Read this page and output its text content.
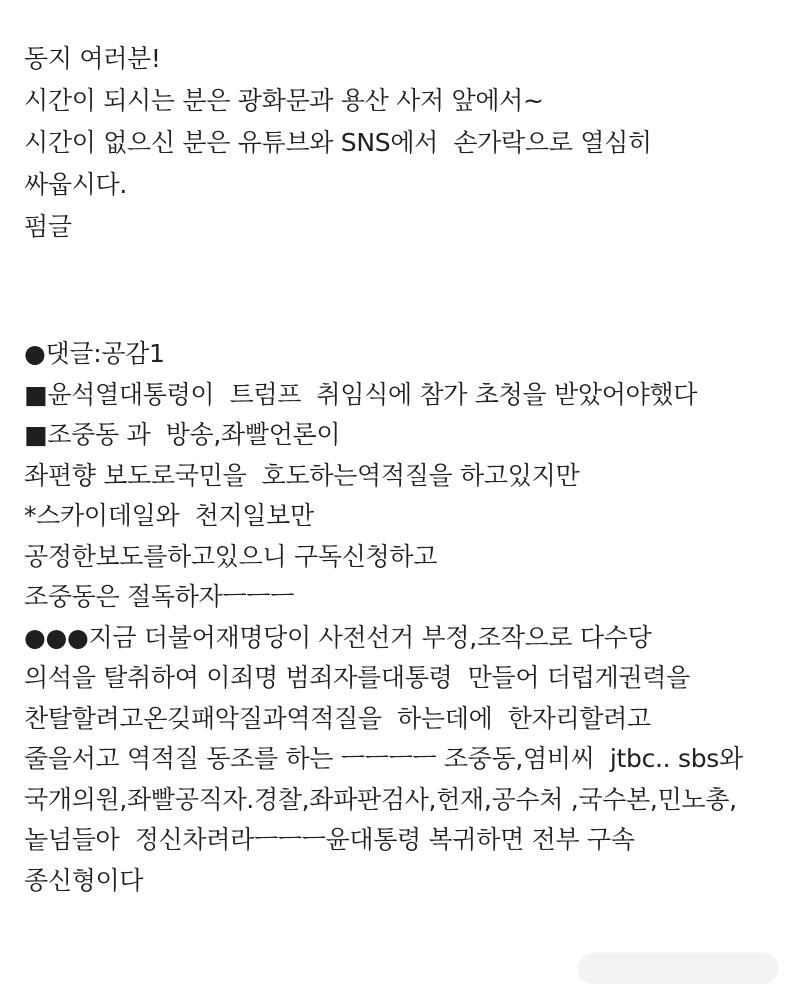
동지 여러분!
시간이 되시는 분은 광화문과 용산 사저 앞에서~
시간이 없으신 분은 유튜브와 SNS에서  손가락으로 열심히
싸웁시다.
펌글
●댓글:공감1
■윤석열대통령이  트럼프  취임식에 참가 초청을 받았어야했다
■조중동 과  방송,좌빨언론이
좌편향 보도로국민을  호도하는역적질을 하고있지만
*스카이데일와  천지일보만
공정한보도를하고있으니 구독신청하고
조중동은 절독하자ㅡㅡㅡ
●●●지금 더불어재명당이 사전선거 부정,조작으로 다수당
의석을 탈취하여 이죄명 범죄자를대통령  만들어 더럽게권력을
찬탈할려고온깆패악질과역적질을  하는데에  한자리할려고
줄을서고 역적질 동조를 하는 ㅡㅡㅡㅡ 조중동,염비씨  jtbc.. sbs와
국개의원,좌빨공직자.경찰,좌파판검사,헌재,공수처 ,국수본,민노총,
놑넘들아  정신차려라ㅡㅡㅡ윤대통령 복귀하면 전부 구속
종신형이다
